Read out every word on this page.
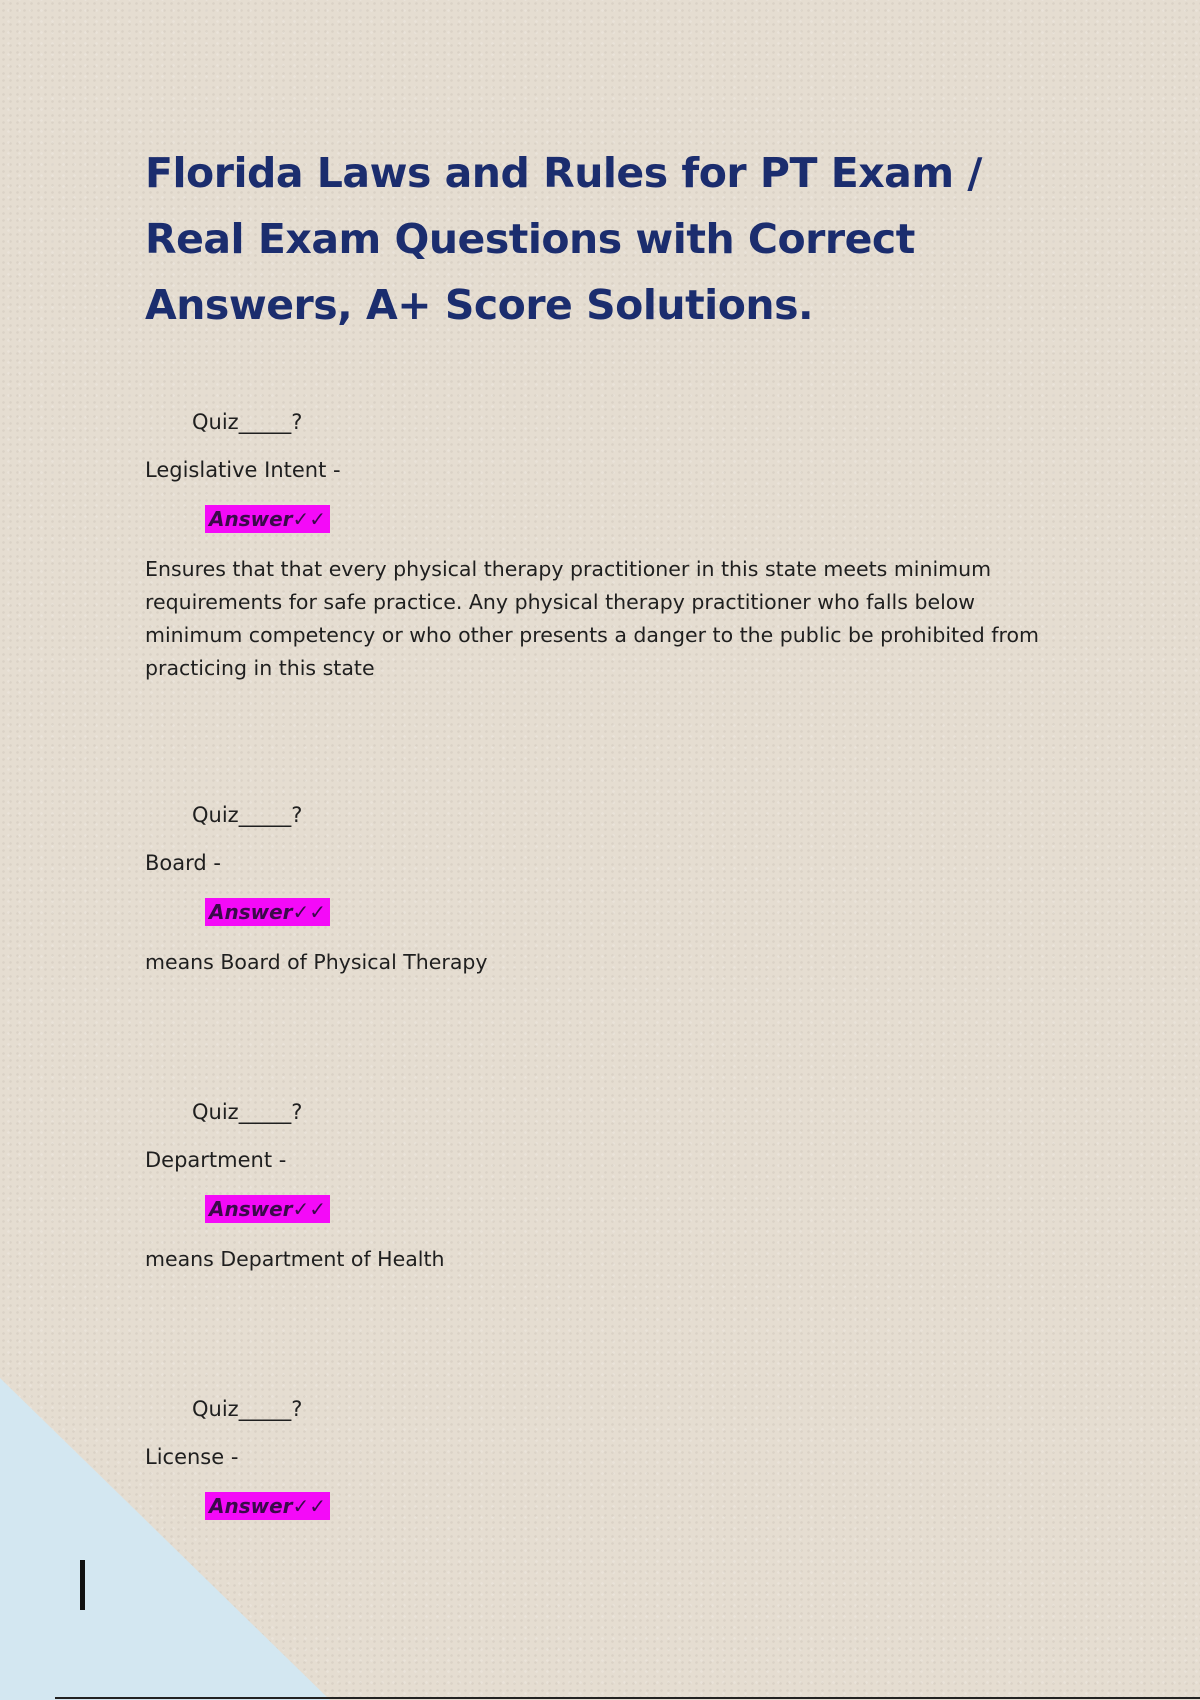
Florida Laws and Rules for PT Exam / Real Exam Questions with Correct Answers, A+ Score Solutions.
Quiz_____?
Legislative Intent -
Answer✓✓

Ensures that that every physical therapy practitioner in this state meets minimum requirements for safe practice. Any physical therapy practitioner who falls below minimum competency or who other presents a danger to the public be prohibited from practicing in this state

Quiz_____?
Board -
Answer✓✓

means Board of Physical Therapy

Quiz_____?
Department -
Answer✓✓

means Department of Health

Quiz_____?
License -
Answer✓✓
